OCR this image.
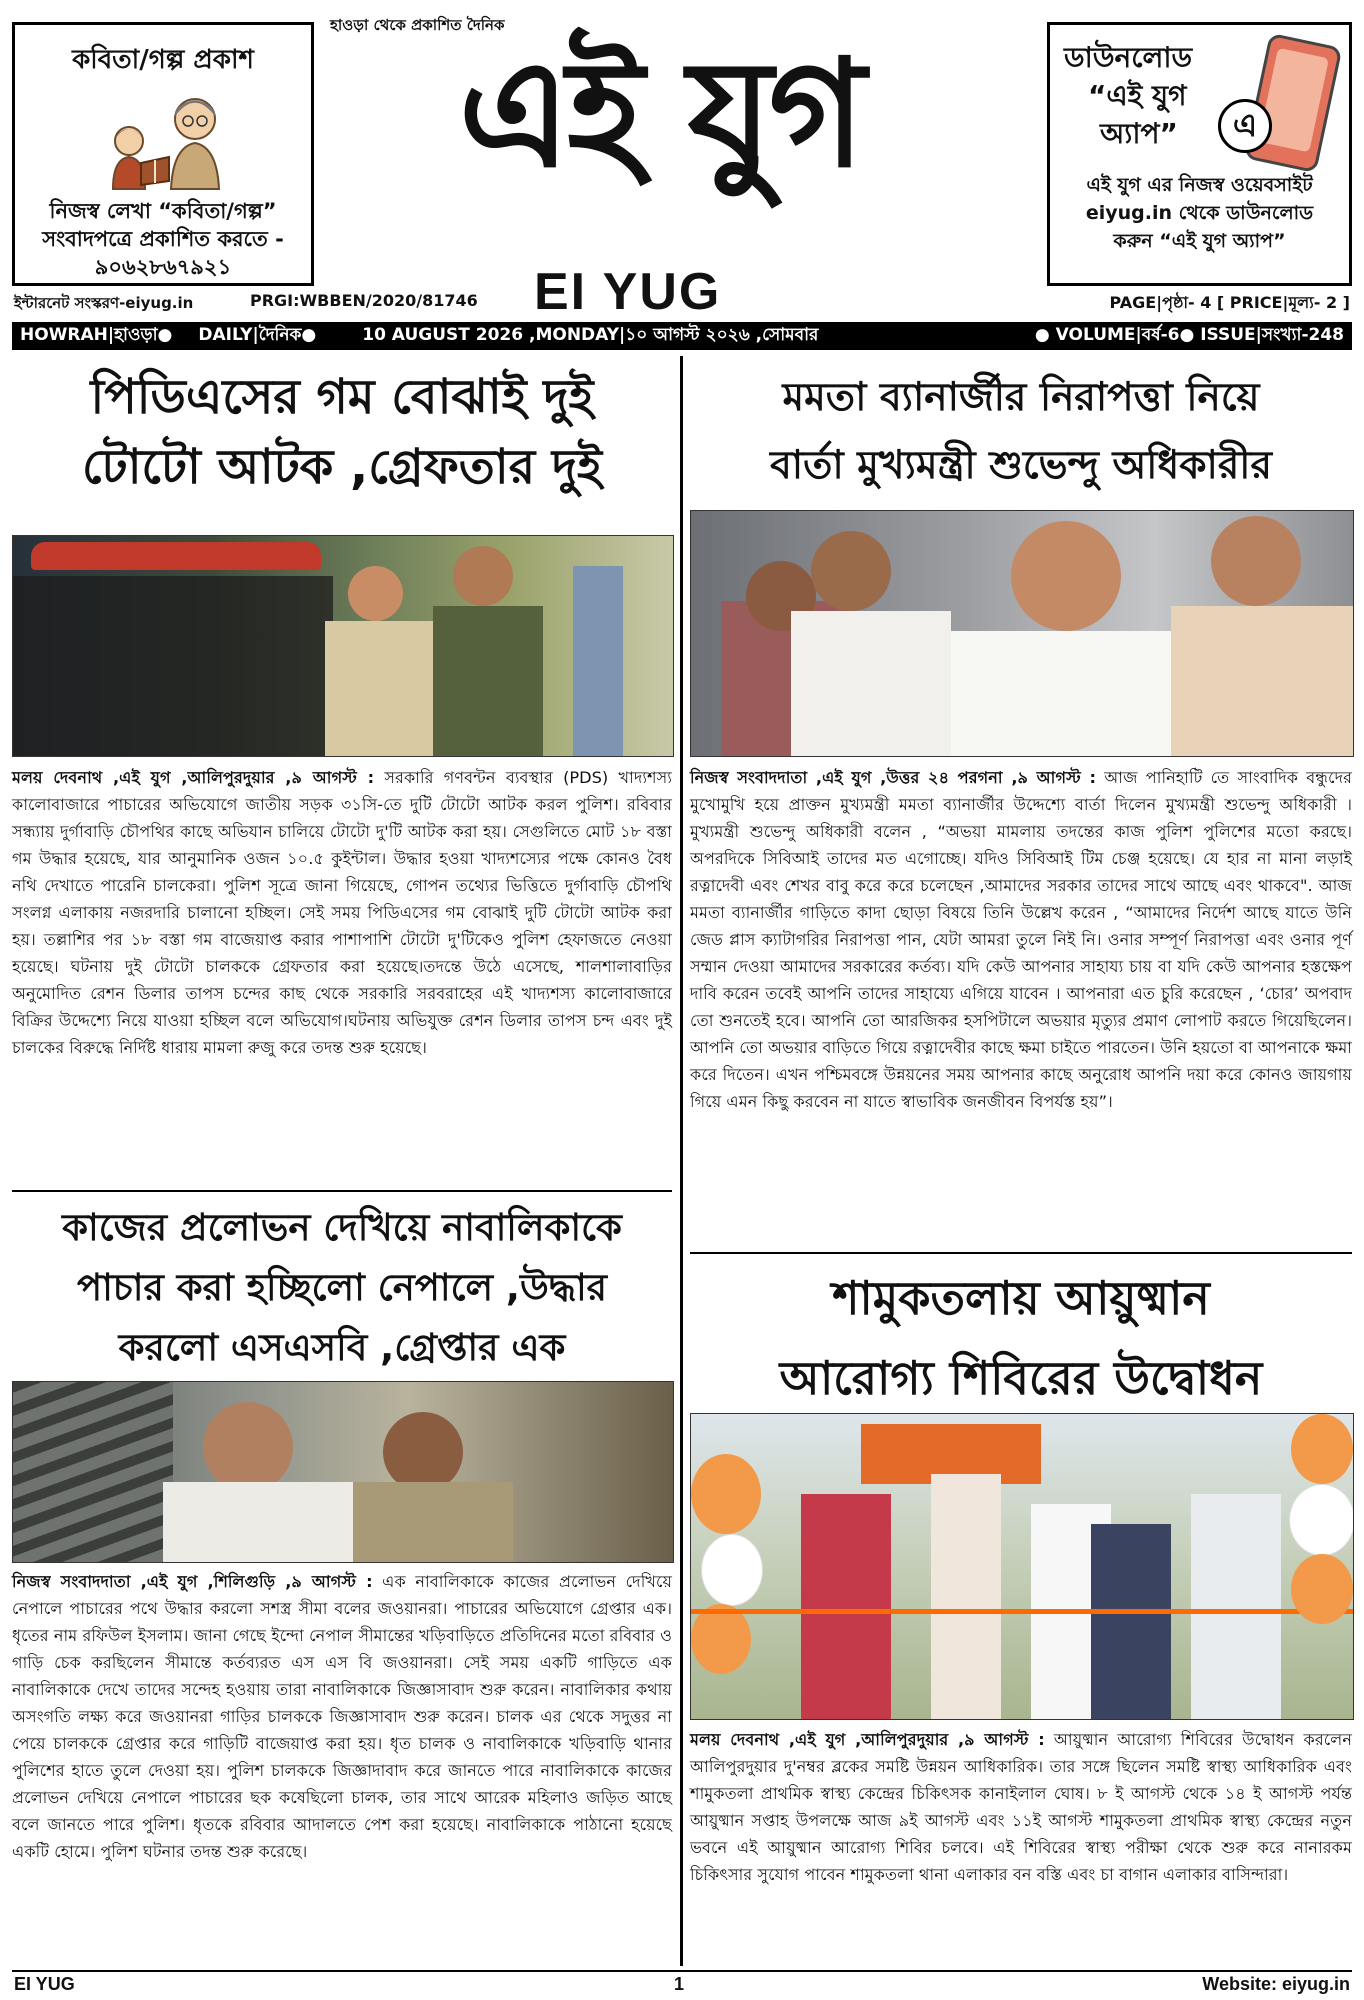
কবিতা/গল্প প্রকাশ
নিজস্ব লেখা “কবিতা/গল্প”
সংবাদপত্রে প্রকাশিত করতে -
৯০৬২৮৬৭৯২১
হাওড়া থেকে প্রকাশিত দৈনিক
এই যুগ
EI YUG
ডাউনলোড
“এই যুগ
অ্যাপ”	এ
এই যুগ এর নিজস্ব ওয়েবসাইট
eiyug.in থেকে ডাউনলোড
করুন “এই যুগ অ্যাপ”
ইন্টারনেট সংস্করণ-eiyug.in	PRGI:WBBEN/2020/81746	PAGE|পৃষ্ঠা- 4 [ PRICE|মূল্য- 2 ]
HOWRAH|হাওড়া● DAILY|দৈনিক●	10 AUGUST 2026 ,MONDAY|১০ আগস্ট ২০২৬ ,সোমবার	● VOLUME|বর্ষ-6● ISSUE|সংখ্যা-248
পিডিএসের গম বোঝাই দুই
টোটো আটক ,গ্রেফতার দুই
মলয় দেবনাথ ,এই যুগ ,আলিপুরদুয়ার ,৯ আগস্ট : সরকারি গণবন্টন ব্যবস্থার (PDS) খাদ্যশস্য কালোবাজারে পাচারের অভিযোগে জাতীয় সড়ক ৩১সি-তে দুটি টোটো আটক করল পুলিশ। রবিবার সন্ধ্যায় দুর্গাবাড়ি চৌপথির কাছে অভিযান চালিয়ে টোটো দু'টি আটক করা হয়। সেগুলিতে মোট ১৮ বস্তা গম উদ্ধার হয়েছে, যার আনুমানিক ওজন ১০.৫ কুইন্টাল। উদ্ধার হওয়া খাদ্যশস্যের পক্ষে কোনও বৈধ নথি দেখাতে পারেনি চালকেরা। পুলিশ সূত্রে জানা গিয়েছে, গোপন তথ্যের ভিত্তিতে দুর্গাবাড়ি চৌপথি সংলগ্ন এলাকায় নজরদারি চালানো হচ্ছিল। সেই সময় পিডিএসের গম বোঝাই দুটি টোটো আটক করা হয়। তল্লাশির পর ১৮ বস্তা গম বাজেয়াপ্ত করার পাশাপাশি টোটো দু'টিকেও পুলিশ হেফাজতে নেওয়া হয়েছে। ঘটনায় দুই টোটো চালককে গ্রেফতার করা হয়েছে।তদন্তে উঠে এসেছে, শালশালাবাড়ির অনুমোদিত রেশন ডিলার তাপস চন্দের কাছ থেকে সরকারি সরবরাহের এই খাদ্যশস্য কালোবাজারে বিক্রির উদ্দেশ্যে নিয়ে যাওয়া হচ্ছিল বলে অভিযোগ।ঘটনায় অভিযুক্ত রেশন ডিলার তাপস চন্দ এবং দুই চালকের বিরুদ্ধে নির্দিষ্ট ধারায় মামলা রুজু করে তদন্ত শুরু হয়েছে।
কাজের প্রলোভন দেখিয়ে নাবালিকাকে
পাচার করা হচ্ছিলো নেপালে ,উদ্ধার
করলো এসএসবি ,গ্রেপ্তার এক
নিজস্ব সংবাদদাতা ,এই যুগ ,শিলিগুড়ি ,৯ আগস্ট : এক নাবালিকাকে কাজের প্রলোভন দেখিয়ে নেপালে পাচারের পথে উদ্ধার করলো সশস্ত্র সীমা বলের জওয়ানরা। পাচারের অভিযোগে গ্রেপ্তার এক। ধৃতের নাম রফিউল ইসলাম। জানা গেছে ইন্দো নেপাল সীমান্তের খড়িবাড়িতে প্রতিদিনের মতো রবিবার ও গাড়ি চেক করছিলেন সীমান্তে কর্তব্যরত এস এস বি জওয়ানরা। সেই সময় একটি গাড়িতে এক নাবালিকাকে দেখে তাদের সন্দেহ হওয়ায় তারা নাবালিকাকে জিজ্ঞাসাবাদ শুরু করেন। নাবালিকার কথায় অসংগতি লক্ষ্য করে জওয়ানরা গাড়ির চালককে জিজ্ঞাসাবাদ শুরু করেন। চালক এর থেকে সদুত্তর না পেয়ে চালককে গ্রেপ্তার করে গাড়িটি বাজেয়াপ্ত করা হয়। ধৃত চালক ও নাবালিকাকে খড়িবাড়ি থানার পুলিশের হাতে তুলে দেওয়া হয়। পুলিশ চালককে জিজ্ঞাদাবাদ করে জানতে পারে নাবালিকাকে কাজের প্রলোভন দেখিয়ে নেপালে পাচারের ছক কষেছিলো চালক, তার সাথে আরেক মহিলাও জড়িত আছে বলে জানতে পারে পুলিশ। ধৃতকে রবিবার আদালতে পেশ করা হয়েছে। নাবালিকাকে পাঠানো হয়েছে একটি হোমে। পুলিশ ঘটনার তদন্ত শুরু করেছে।
মমতা ব্যানার্জীর নিরাপত্তা নিয়ে
বার্তা মুখ্যমন্ত্রী শুভেন্দু অধিকারীর
নিজস্ব সংবাদদাতা ,এই যুগ ,উত্তর ২৪ পরগনা ,৯ আগস্ট : আজ পানিহাটি তে সাংবাদিক বন্ধুদের মুখোমুখি হয়ে প্রাক্তন মুখ্যমন্ত্রী মমতা ব্যানার্জীর উদ্দেশ্যে বার্তা দিলেন মুখ্যমন্ত্রী শুভেন্দু অধিকারী । মুখ্যমন্ত্রী শুভেন্দু অধিকারী বলেন , “অভয়া মামলায় তদন্তের কাজ পুলিশ পুলিশের মতো করছে। অপরদিকে সিবিআই তাদের মত এগোচ্ছে। যদিও সিবিআই টিম চেঞ্জ হয়েছে। যে হার না মানা লড়াই রত্নাদেবী এবং শেখর বাবু করে করে চলেছেন ,আমাদের সরকার তাদের সাথে আছে এবং থাকবে". আজ মমতা ব্যানার্জীর গাড়িতে কাদা ছোড়া বিষয়ে তিনি উল্লেখ করেন , “আমাদের নির্দেশ আছে যাতে উনি জেড প্লাস ক্যাটাগরির নিরাপত্তা পান, যেটা আমরা তুলে নিই নি। ওনার সম্পূর্ণ নিরাপত্তা এবং ওনার পূর্ণ সম্মান দেওয়া আমাদের সরকারের কর্তব্য। যদি কেউ আপনার সাহায্য চায় বা যদি কেউ আপনার হস্তক্ষেপ দাবি করেন তবেই আপনি তাদের সাহায্যে এগিয়ে যাবেন । আপনারা এত চুরি করেছেন , ‘চোর’ অপবাদ তো শুনতেই হবে। আপনি তো আরজিকর হসপিটালে অভয়ার মৃত্যুর প্রমাণ লোপাট করতে গিয়েছিলেন। আপনি তো অভয়ার বাড়িতে গিয়ে রত্নাদেবীর কাছে ক্ষমা চাইতে পারতেন। উনি হয়তো বা আপনাকে ক্ষমা করে দিতেন। এখন পশ্চিমবঙ্গে উন্নয়নের সময় আপনার কাছে অনুরোধ আপনি দয়া করে কোনও জায়গায় গিয়ে এমন কিছু করবেন না যাতে স্বাভাবিক জনজীবন বিপর্যস্ত হয়”।
শামুকতলায় আয়ুষ্মান
আরোগ্য শিবিরের উদ্বোধন
মলয় দেবনাথ ,এই যুগ ,আলিপুরদুয়ার ,৯ আগস্ট : আয়ুষ্মান আরোগ্য শিবিরের উদ্বোধন করলেন আলিপুরদুয়ার দু'নম্বর ব্লকের সমষ্টি উন্নয়ন আধিকারিক। তার সঙ্গে ছিলেন সমষ্টি স্বাস্থ্য আধিকারিক এবং শামুকতলা প্রাথমিক স্বাস্থ্য কেন্দ্রের চিকিৎসক কানাইলাল ঘোষ। ৮ ই আগস্ট থেকে ১৪ ই আগস্ট পর্যন্ত আয়ুষ্মান সপ্তাহ উপলক্ষে আজ ৯ই আগস্ট এবং ১১ই আগস্ট শামুকতলা প্রাথমিক স্বাস্থ্য কেন্দ্রের নতুন ভবনে এই আয়ুষ্মান আরোগ্য শিবির চলবে। এই শিবিরের স্বাস্থ্য পরীক্ষা থেকে শুরু করে নানারকম চিকিৎসার সুযোগ পাবেন শামুকতলা থানা এলাকার বন বস্তি এবং চা বাগান এলাকার বাসিন্দারা।
EI YUG	1	Website: eiyug.in
